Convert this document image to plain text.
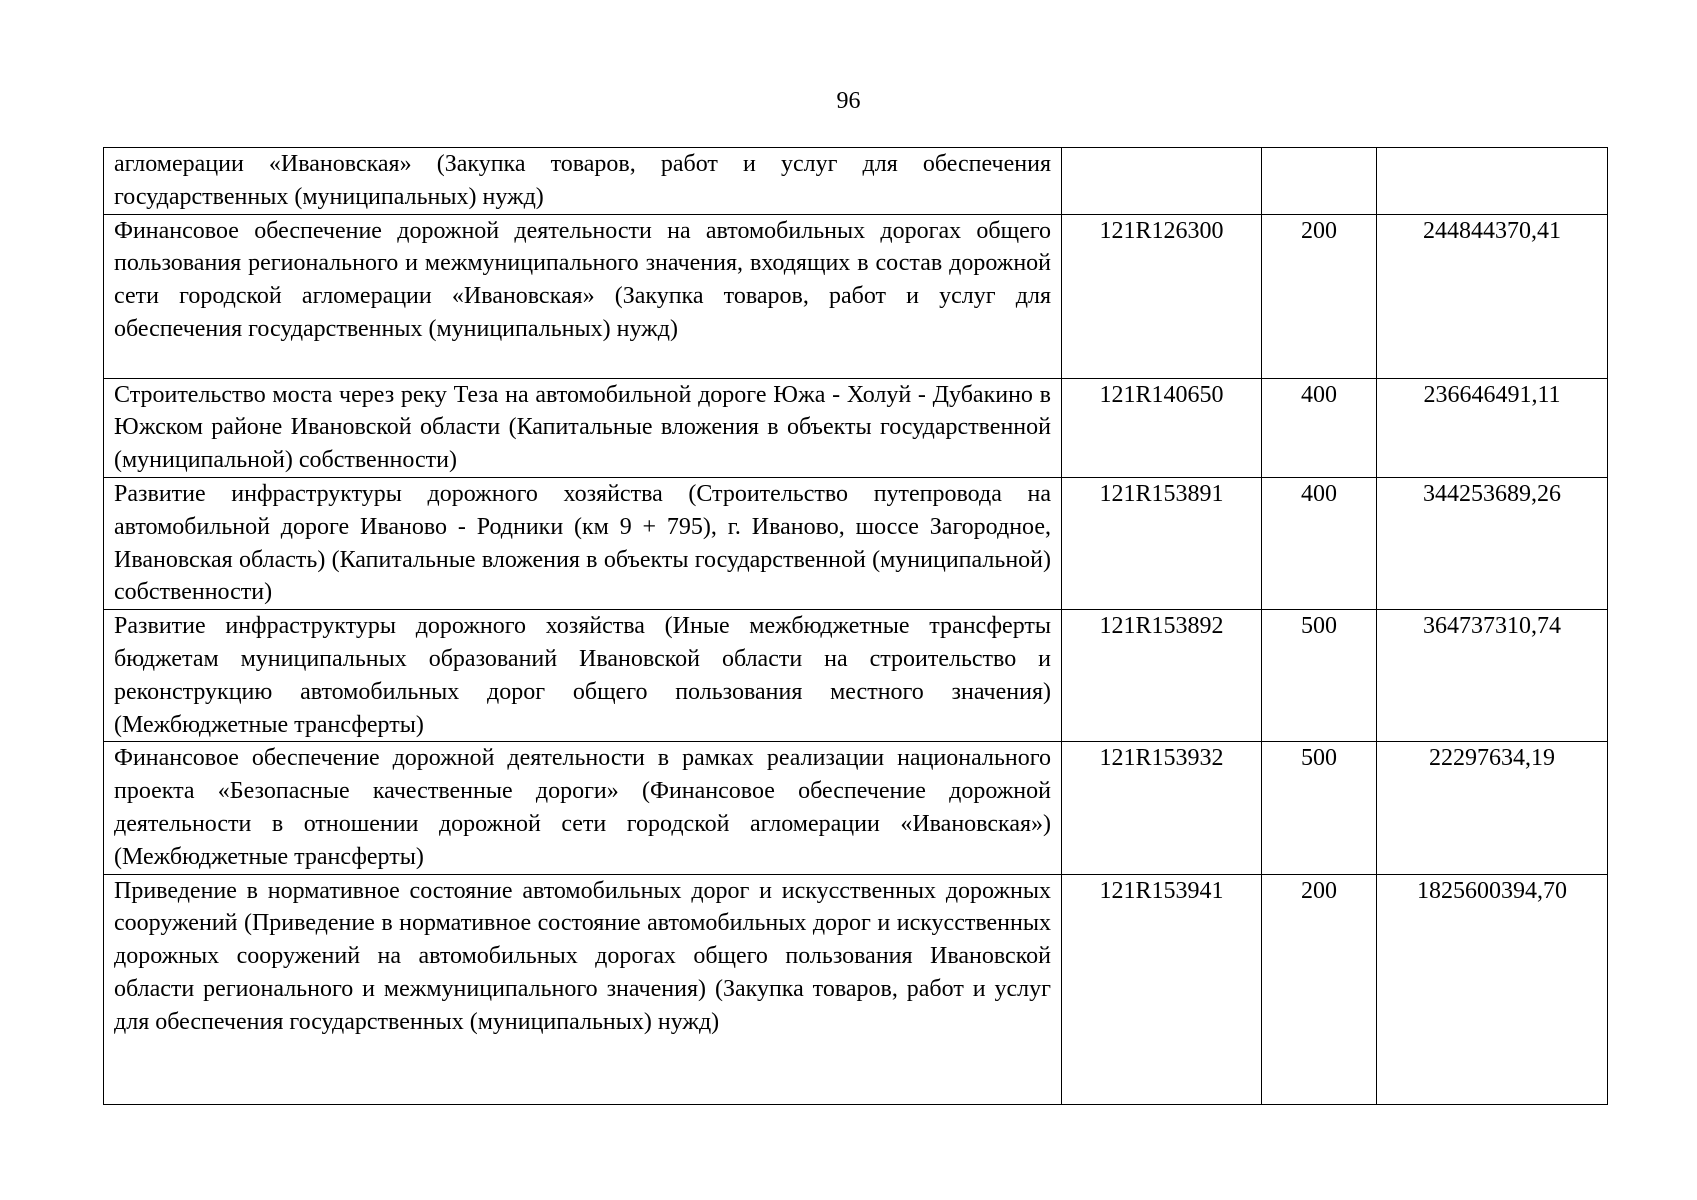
96
агломерации «Ивановская» (Закупка товаров, работ и услуг для обеспечения государственных (муниципальных) нужд)			
Финансовое обеспечение дорожной деятельности на автомобильных дорогах общего пользования регионального и межмуниципального значения, входящих в состав дорожной сети городской агломерации «Ивановская» (Закупка товаров, работ и услуг для обеспечения государственных (муниципальных) нужд)	121R126300	200	244844370,41
Строительство моста через реку Теза на автомобильной дороге Южа - Холуй - Дубакино в Южском районе Ивановской области (Капитальные вложения в объекты государственной (муниципальной) собственности)	121R140650	400	236646491,11
Развитие инфраструктуры дорожного хозяйства (Строительство путепровода на автомобильной дороге Иваново - Родники (км 9 + 795), г. Иваново, шоссе Загородное, Ивановская область) (Капитальные вложения в объекты государственной (муниципальной) собственности)	121R153891	400	344253689,26
Развитие инфраструктуры дорожного хозяйства (Иные межбюджетные трансферты бюджетам муниципальных образований Ивановской области на строительство и реконструкцию автомобильных дорог общего пользования местного значения) (Межбюджетные трансферты)	121R153892	500	364737310,74
Финансовое обеспечение дорожной деятельности в рамках реализации национального проекта «Безопасные качественные дороги» (Финансовое обеспечение дорожной деятельности в отношении дорожной сети городской агломерации «Ивановская») (Межбюджетные трансферты)	121R153932	500	22297634,19
Приведение в нормативное состояние автомобильных дорог и искусственных дорожных сооружений (Приведение в нормативное состояние автомобильных дорог и искусственных дорожных сооружений на автомобильных дорогах общего пользования Ивановской области регионального и межмуниципального значения) (Закупка товаров, работ и услуг для обеспечения государственных (муниципальных) нужд)	121R153941	200	1825600394,70
